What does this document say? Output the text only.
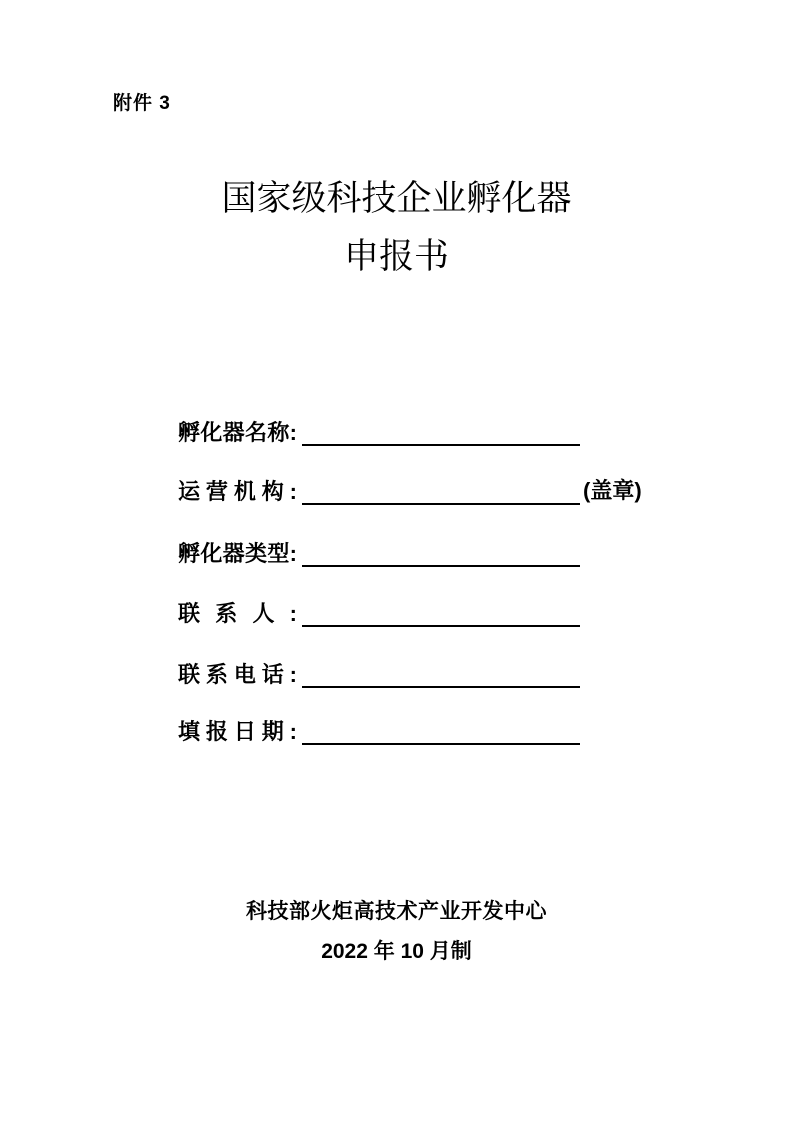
附件 3
国家级科技企业孵化器
申报书
孵 化 器 名 称 :
运 营 机 构 :	(盖章)
孵 化 器 类 型 :
联 系 人 :
联 系 电 话 :
填 报 日 期 :
科技部火炬高技术产业开发中心
2022 年 10 月制
